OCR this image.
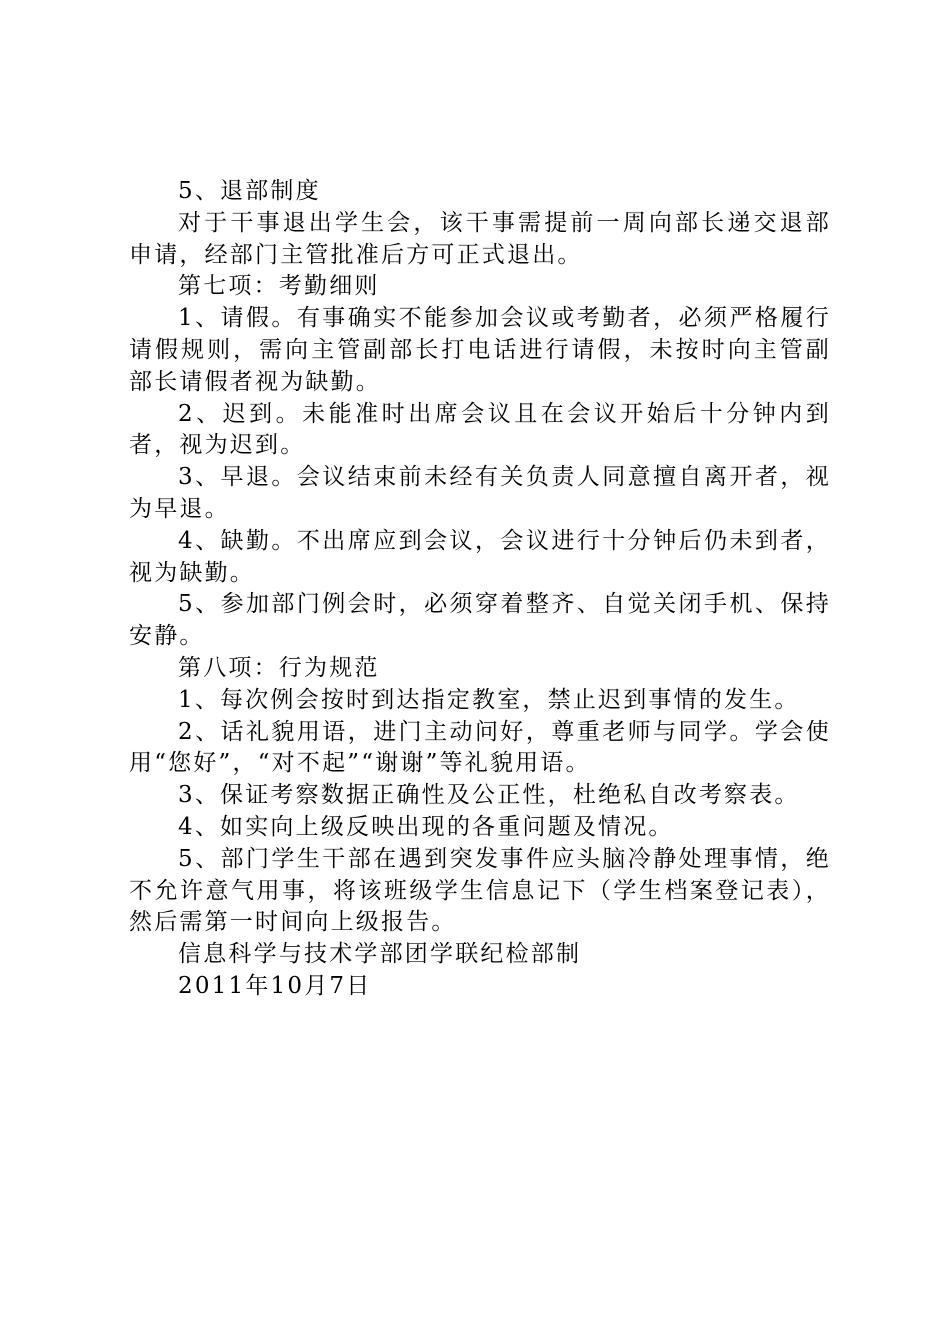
5、退部制度

对于干事退出学生会，该干事需提前一周向部长递交退部申请，经部门主管批准后方可正式退出。

第七项：考勤细则

1、请假。有事确实不能参加会议或考勤者，必须严格履行请假规则，需向主管副部长打电话进行请假，未按时向主管副部长请假者视为缺勤。

2、迟到。未能准时出席会议且在会议开始后十分钟内到者，视为迟到。

3、早退。会议结束前未经有关负责人同意擅自离开者，视为早退。

4、缺勤。不出席应到会议，会议进行十分钟后仍未到者，视为缺勤。

5、参加部门例会时，必须穿着整齐、自觉关闭手机、保持安静。

第八项：行为规范

1、每次例会按时到达指定教室，禁止迟到事情的发生。

2、话礼貌用语，进门主动问好，尊重老师与同学。学会使用“您好”，“对不起”“谢谢”等礼貌用语。

3、保证考察数据正确性及公正性，杜绝私自改考察表。

4、如实向上级反映出现的各重问题及情况。

5、部门学生干部在遇到突发事件应头脑冷静处理事情，绝不允许意气用事，将该班级学生信息记下（学生档案登记表），然后需第一时间向上级报告。

信息科学与技术学部团学联纪检部制

2011年10月7日
